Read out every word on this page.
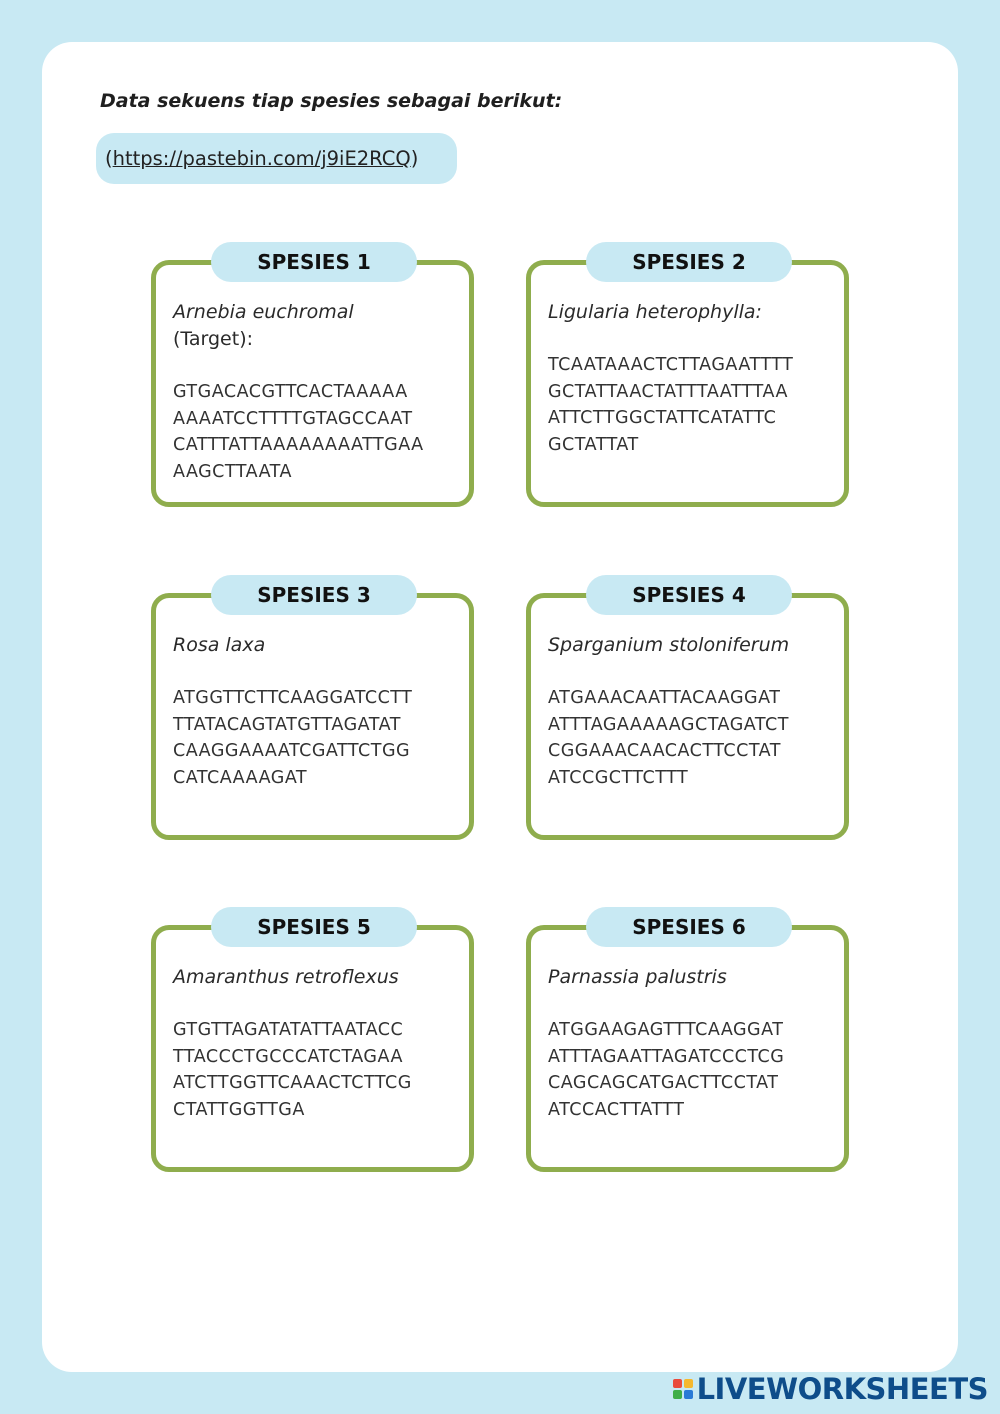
Data sekuens tiap spesies sebagai berikut:
(https://pastebin.com/j9iE2RCQ)
SPESIES 1
Arnebia euchromal
(Target):
GTGACACGTTCACTAAAAA
AAAATCCTTTTGTAGCCAAT
CATTTATTAAAAAAAATTGAA
AAGCTTAATA
SPESIES 2
Ligularia heterophylla:
TCAATAAACTCTTAGAATTTT
GCTATTAACTATTTAATTTAA
ATTCTTGGCTATTCATATTC
GCTATTAT
SPESIES 3
Rosa laxa
ATGGTTCTTCAAGGATCCTT
TTATACAGTATGTTAGATAT
CAAGGAAAATCGATTCTGG
CATCAAAAGAT
SPESIES 4
Sparganium stoloniferum
ATGAAACAATTACAAGGAT
ATTTAGAAAAAGCTAGATCT
CGGAAACAACACTTCCTAT
ATCCGCTTCTTT
SPESIES 5
Amaranthus retroflexus
GTGTTAGATATATTAATACC
TTACCCTGCCCATCTAGAA
ATCTTGGTTCAAACTCTTCG
CTATTGGTTGA
SPESIES 6
Parnassia palustris
ATGGAAGAGTTTCAAGGAT
ATTTAGAATTAGATCCCTCG
CAGCAGCATGACTTCCTAT
ATCCACTTATTT
LIVEWORKSHEETS
